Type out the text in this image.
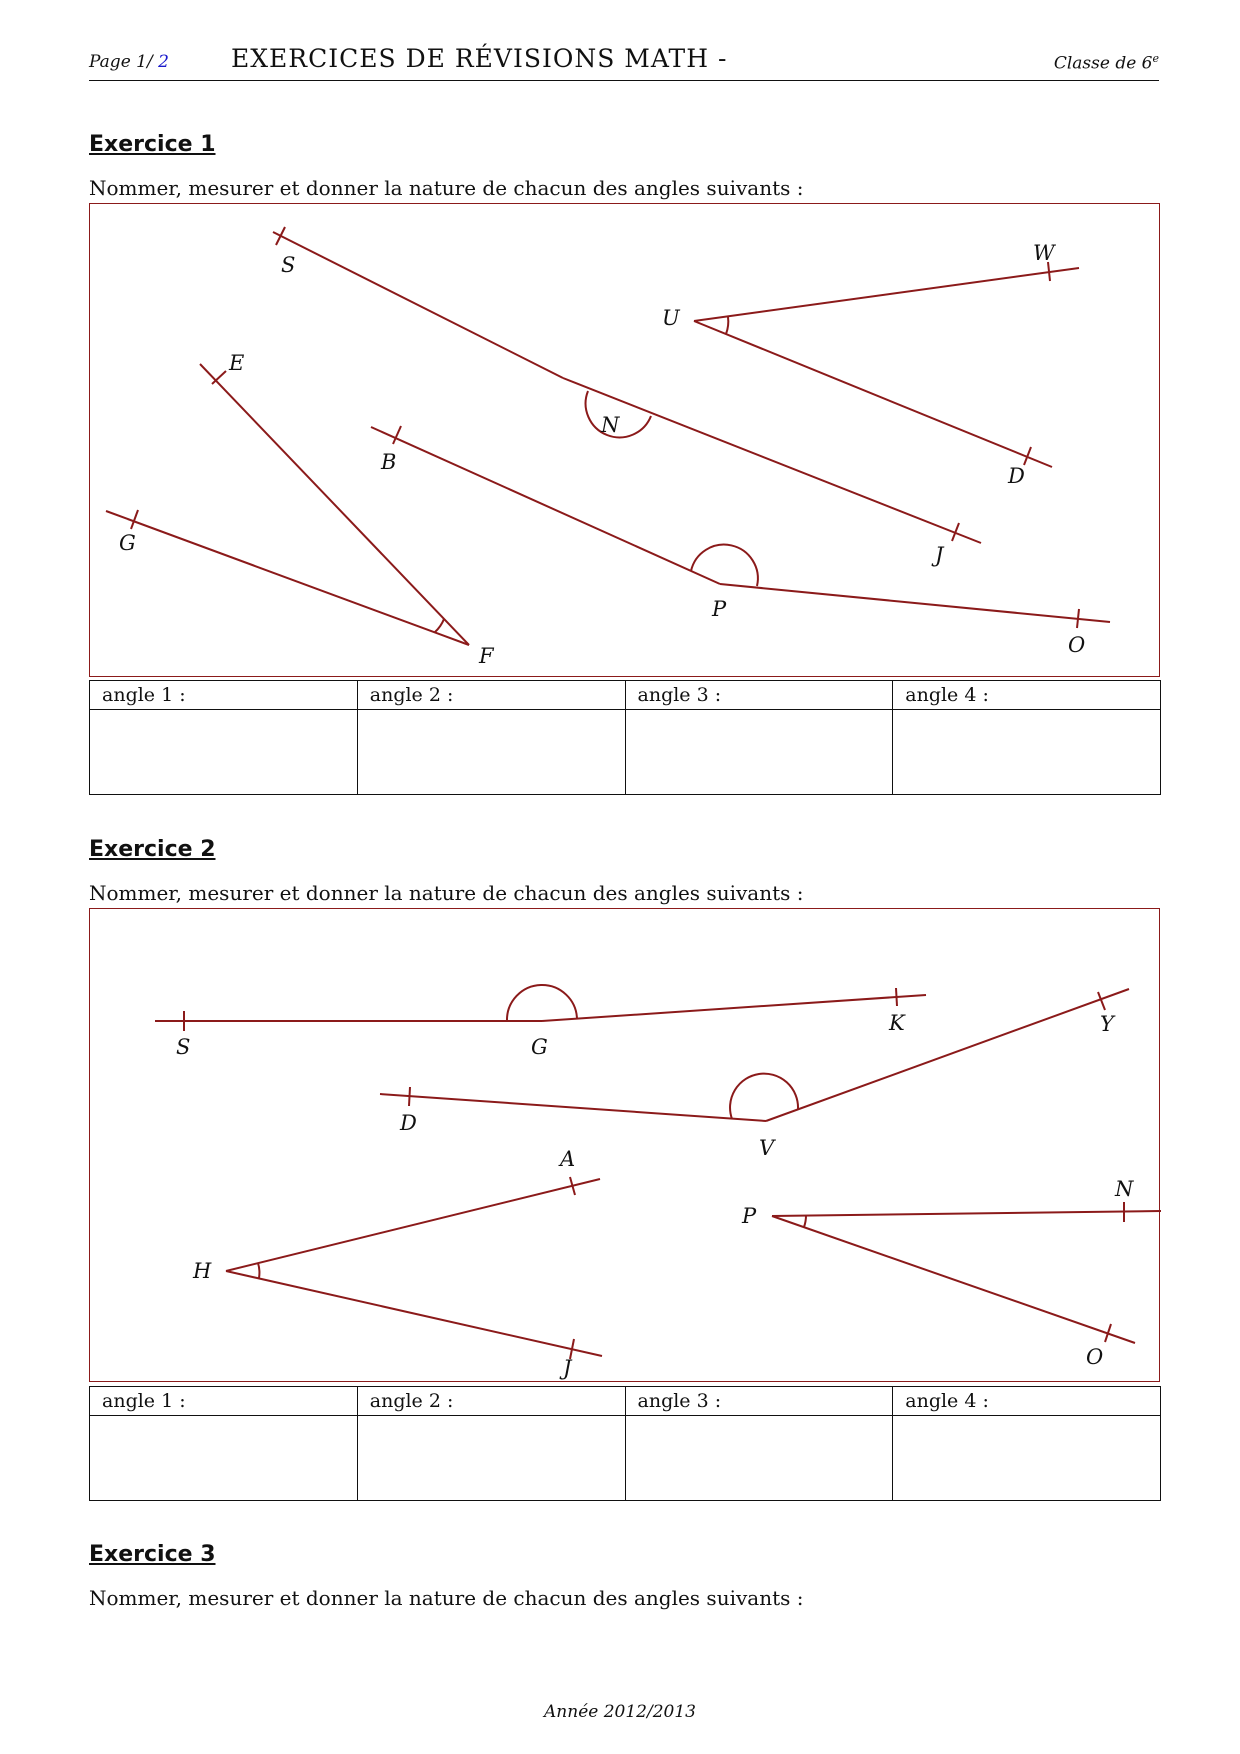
Page 1/ 2 EXERCICES DE RÉVISIONS MATH -	Classe de 6e
Exercice 1
Nommer, mesurer et donner la nature de chacun des angles suivants :
S
N
J
U
W
D
E
F
G
B
P
O
angle 1 :	angle 2 :	angle 3 :	angle 4 :

Exercice 2
Nommer, mesurer et donner la nature de chacun des angles suivants :
S	G
K
D
V
Y
A
H
J
P
N
O
angle 1 :	angle 2 :	angle 3 :	angle 4 :

Exercice 3
Nommer, mesurer et donner la nature de chacun des angles suivants :
Année 2012/2013
